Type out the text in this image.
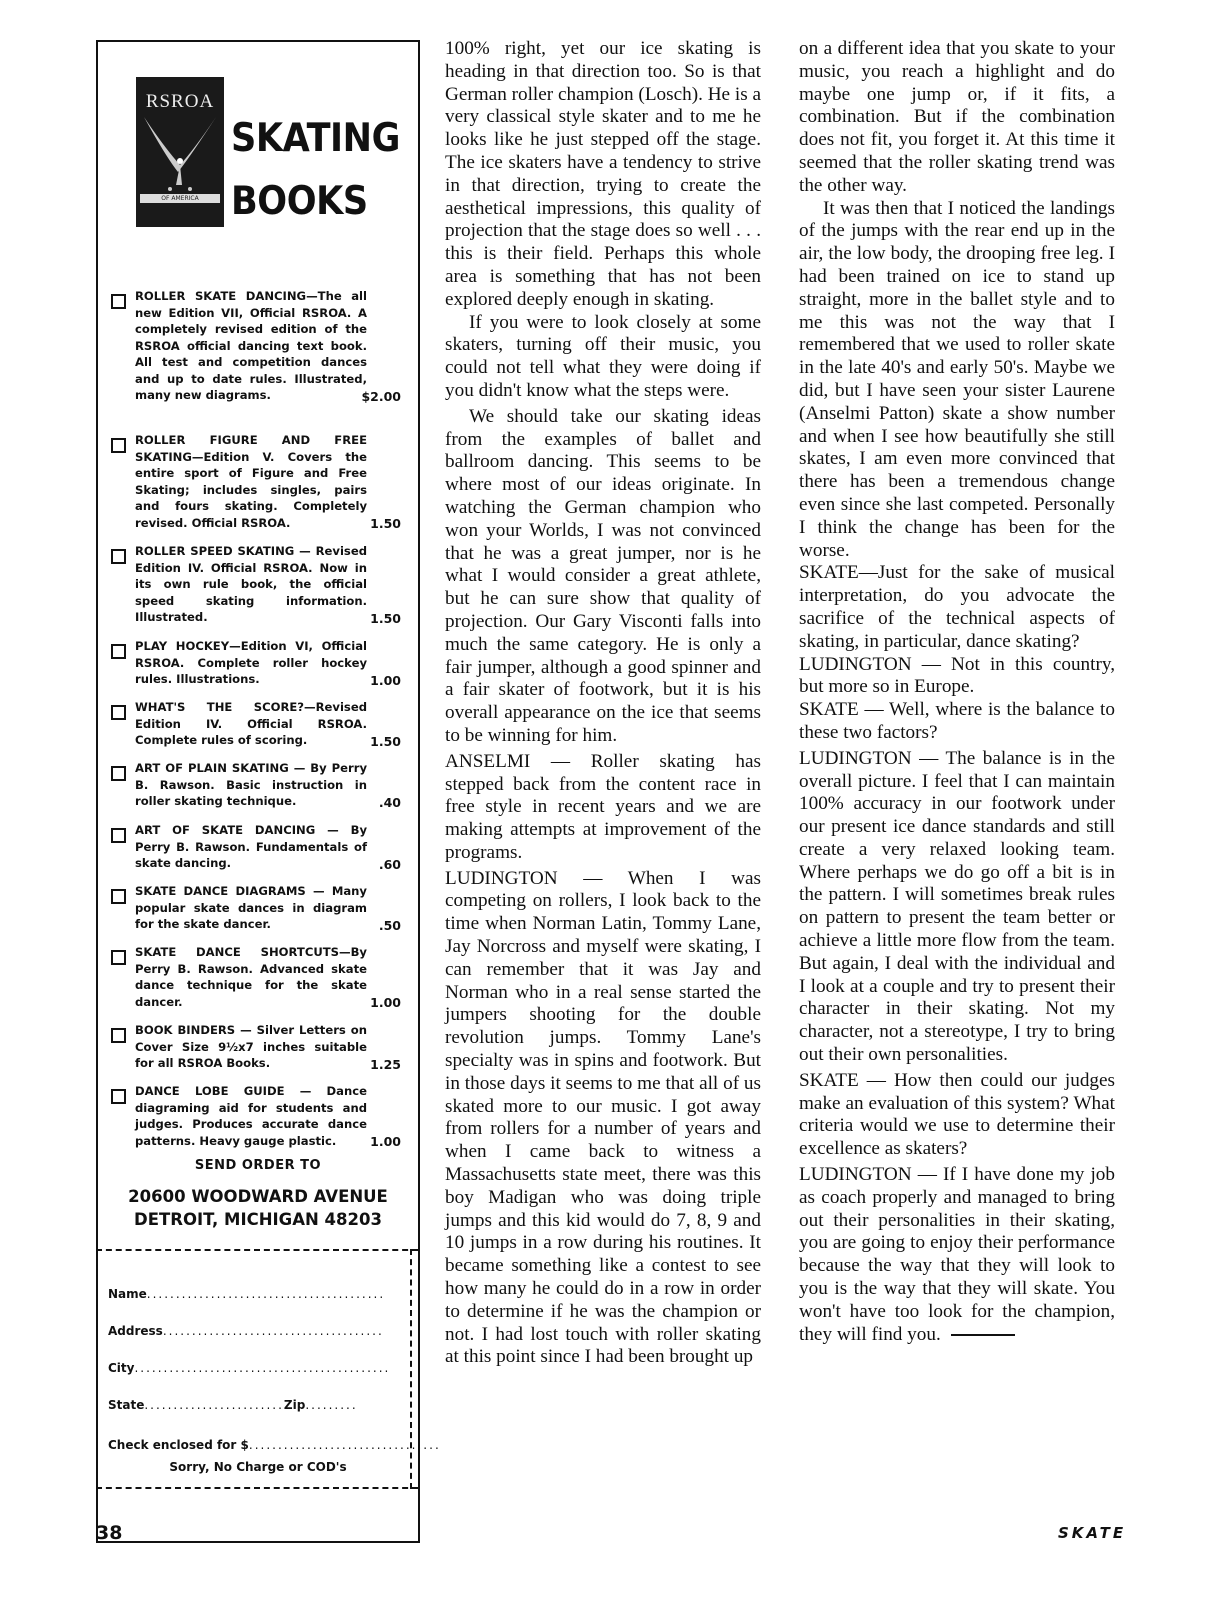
RSROA
OF AMERICA
SKATING
BOOKS
ROLLER SKATE DANCING—The all new Edition VII, Official RSROA. A completely revised edition of the RSROA official dancing text book. All test and competition dances and up to date rules. Illustrated, many new diagrams.	$2.00
ROLLER FIGURE AND FREE SKATING—Edition V. Covers the entire sport of Figure and Free Skating; includes singles, pairs and fours skating. Completely revised. Official RSROA.	1.50
ROLLER SPEED SKATING — Revised Edition IV. Official RSROA. Now in its own rule book, the official speed skating information. Illustrated.	1.50
PLAY HOCKEY—Edition VI, Official RSROA. Complete roller hockey rules. Illustrations.	1.00
WHAT'S THE SCORE?—Revised Edition IV. Official RSROA. Complete rules of scoring.	1.50
ART OF PLAIN SKATING — By Perry B. Rawson. Basic instruction in roller skating technique.	.40
ART OF SKATE DANCING — By Perry B. Rawson. Fundamentals of skate dancing.	.60
SKATE DANCE DIAGRAMS — Many popular skate dances in diagram for the skate dancer.	.50
SKATE DANCE SHORTCUTS—By Perry B. Rawson. Advanced skate dance technique for the skate dancer.	1.00
BOOK BINDERS — Silver Letters on Cover Size 9½x7 inches suitable for all RSROA Books.	1.25
DANCE LOBE GUIDE — Dance diagraming aid for students and judges. Produces accurate dance patterns. Heavy gauge plastic.	1.00
SEND ORDER TO
20600 WOODWARD AVENUE
DETROIT, MICHIGAN 48203
Name.........................................
Address......................................
City............................................
State........................Zip.........
Check enclosed for $.................................
Sorry, No Charge or COD's

100% right, yet our ice skating is heading in that direction too. So is that German roller champion (Losch). He is a very classical style skater and to me he looks like he just stepped off the stage. The ice skaters have a tendency to strive in that direction, trying to create the aesthetical impressions, this quality of projection that the stage does so well . . . this is their field. Perhaps this whole area is something that has not been explored deeply enough in skating.

If you were to look closely at some skaters, turning off their music, you could not tell what they were doing if you didn't know what the steps were.

We should take our skating ideas from the examples of ballet and ballroom dancing. This seems to be where most of our ideas originate. In watching the German champion who won your Worlds, I was not convinced that he was a great jumper, nor is he what I would consider a great athlete, but he can sure show that quality of projection. Our Gary Visconti falls into much the same category. He is only a fair jumper, although a good spinner and a fair skater of footwork, but it is his overall appearance on the ice that seems to be winning for him.

ANSELMI — Roller skating has stepped back from the content race in free style in recent years and we are making attempts at improvement of the programs.

LUDINGTON — When I was competing on rollers, I look back to the time when Norman Latin, Tommy Lane, Jay Norcross and myself were skating, I can remember that it was Jay and Norman who in a real sense started the jumpers shooting for the double revolution jumps. Tommy Lane's specialty was in spins and footwork. But in those days it seems to me that all of us skated more to our music. I got away from rollers for a number of years and when I came back to witness a Massachusetts state meet, there was this boy Madigan who was doing triple jumps and this kid would do 7, 8, 9 and 10 jumps in a row during his routines. It became something like a contest to see how many he could do in a row in order to determine if he was the champion or not. I had lost touch with roller skating at this point since I had been brought up

on a different idea that you skate to your music, you reach a highlight and do maybe one jump or, if it fits, a combination. But if the combination does not fit, you forget it. At this time it seemed that the roller skating trend was the other way.

It was then that I noticed the landings of the jumps with the rear end up in the air, the low body, the drooping free leg. I had been trained on ice to stand up straight, more in the ballet style and to me this was not the way that I remembered that we used to roller skate in the late 40's and early 50's. Maybe we did, but I have seen your sister Laurene (Anselmi Patton) skate a show number and when I see how beautifully she still skates, I am even more convinced that there has been a tremendous change even since she last competed. Personally I think the change has been for the worse.

SKATE—Just for the sake of musical interpretation, do you advocate the sacrifice of the technical aspects of skating, in particular, dance skating?

LUDINGTON — Not in this country, but more so in Europe.

SKATE — Well, where is the balance to these two factors?

LUDINGTON — The balance is in the overall picture. I feel that I can maintain 100% accuracy in our footwork under our present ice dance standards and still create a very relaxed looking team. Where perhaps we do go off a bit is in the pattern. I will sometimes break rules on pattern to present the team better or achieve a little more flow from the team. But again, I deal with the individual and I look at a couple and try to present their character in their skating. Not my character, not a stereotype, I try to bring out their own personalities.

SKATE — How then could our judges make an evaluation of this system? What criteria would we use to determine their excellence as skaters?

LUDINGTON — If I have done my job as coach properly and managed to bring out their personalities in their skating, you are going to enjoy their performance because the way that they will look to you is the way that they will skate. You won't have too look for the champion, they will find you.

38	SKATE
